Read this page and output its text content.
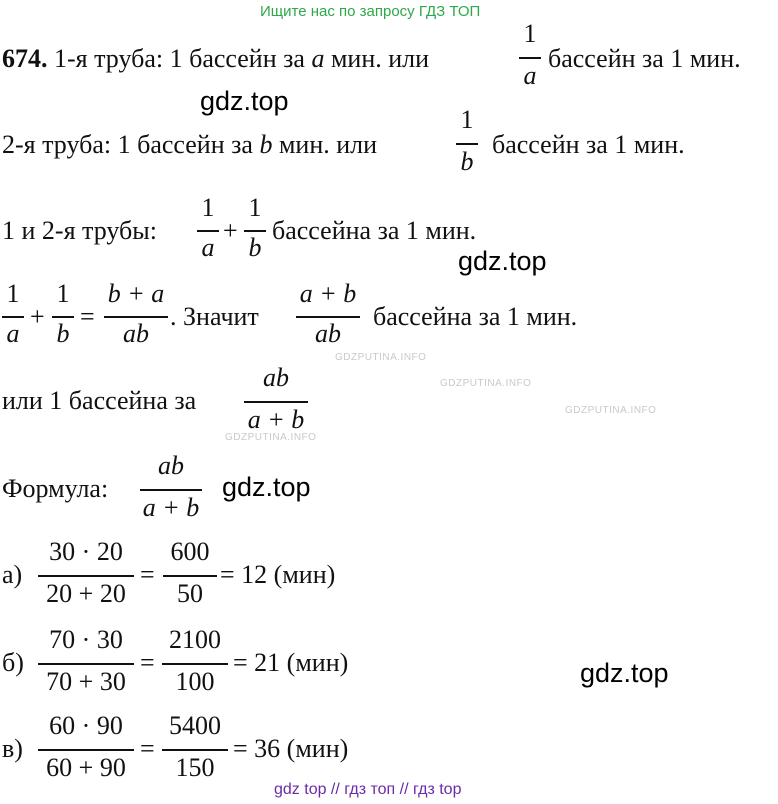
Ищите нас по запросу ГДЗ ТОП
GDZPUTINA.INFO
GDZPUTINA.INFO
GDZPUTINA.INFO
GDZPUTINA.INFO
674. 1-я труба: 1 бассейн за a мин. или
1
a
бассейн за 1 мин.
gdz.top
2-я труба: 1 бассейн за b мин. или
1
b
бассейн за 1 мин.
1 и 2-я трубы:
1
a
+
1
b
бассейна за 1 мин.
gdz.top
1
a
+
1
b
=
b + a
ab
. Значит
a + b
ab
бассейна за 1 мин.
или 1 бассейна за
ab
a + b
Формула:
ab
a + b
gdz.top
а)
30 · 20
20 + 20
=
600
50
= 12 (мин)
б)
70 · 30
70 + 30
=
2100
100
= 21 (мин)	gdz.top
в)
60 · 90
60 + 90
=
5400
150
= 36 (мин)
gdz top // гдз топ // гдз top
